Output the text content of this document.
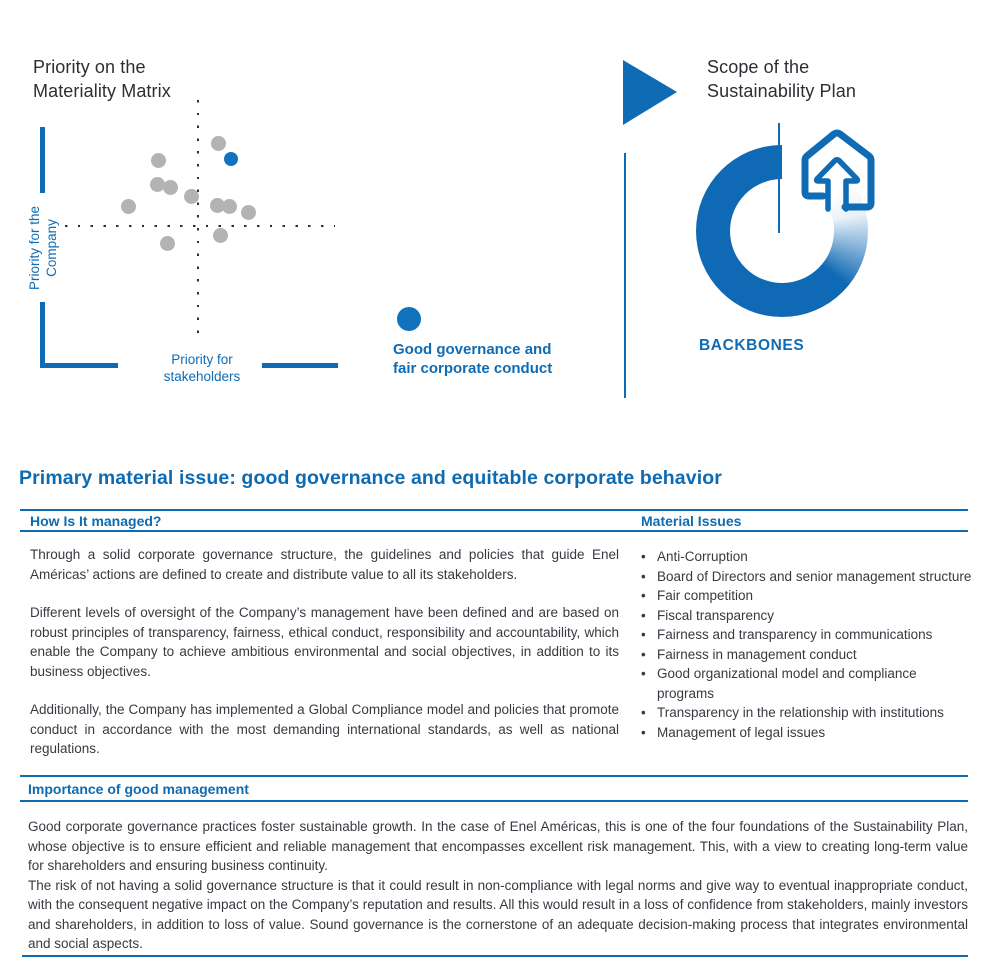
Priority on the
Materiality Matrix
Priority for the Company
Priority for
stakeholders
Good governance and
fair corporate conduct
Scope of the
Sustainability Plan
BACKBONES
Primary material issue: good governance and equitable corporate behavior
How Is It managed?	Material Issues

Through a solid corporate governance structure, the guidelines and policies that guide Enel Américas’ actions are defined to create and distribute value to all its stakeholders.

Different levels of oversight of the Company’s management have been defined and are based on robust principles of transparency, fairness, ethical conduct, responsibility and accountability, which enable the Company to achieve ambitious environmental and social objectives, in addition to its business objectives.

Additionally, the Company has implemented a Global Compliance model and policies that promote conduct in accordance with the most demanding international standards, as well as national regulations.

• Anti-Corruption
• Board of Directors and senior management structure
• Fair competition
• Fiscal transparency
• Fairness and transparency in communications
• Fairness in management conduct
• Good organizational model and compliance programs
• Transparency in the relationship with institutions
• Management of legal issues
Importance of good management

Good corporate governance practices foster sustainable growth. In the case of Enel Américas, this is one of the four foundations of the Sustainability Plan, whose objective is to ensure efficient and reliable management that encompasses excellent risk management. This, with a view to creating long-term value for shareholders and ensuring business continuity.

The risk of not having a solid governance structure is that it could result in non-compliance with legal norms and give way to eventual inappropriate conduct, with the consequent negative impact on the Company’s reputation and results. All this would result in a loss of confidence from stakeholders, mainly investors and shareholders, in addition to loss of value. Sound governance is the cornerstone of an adequate decision-making process that integrates environmental and social aspects.
